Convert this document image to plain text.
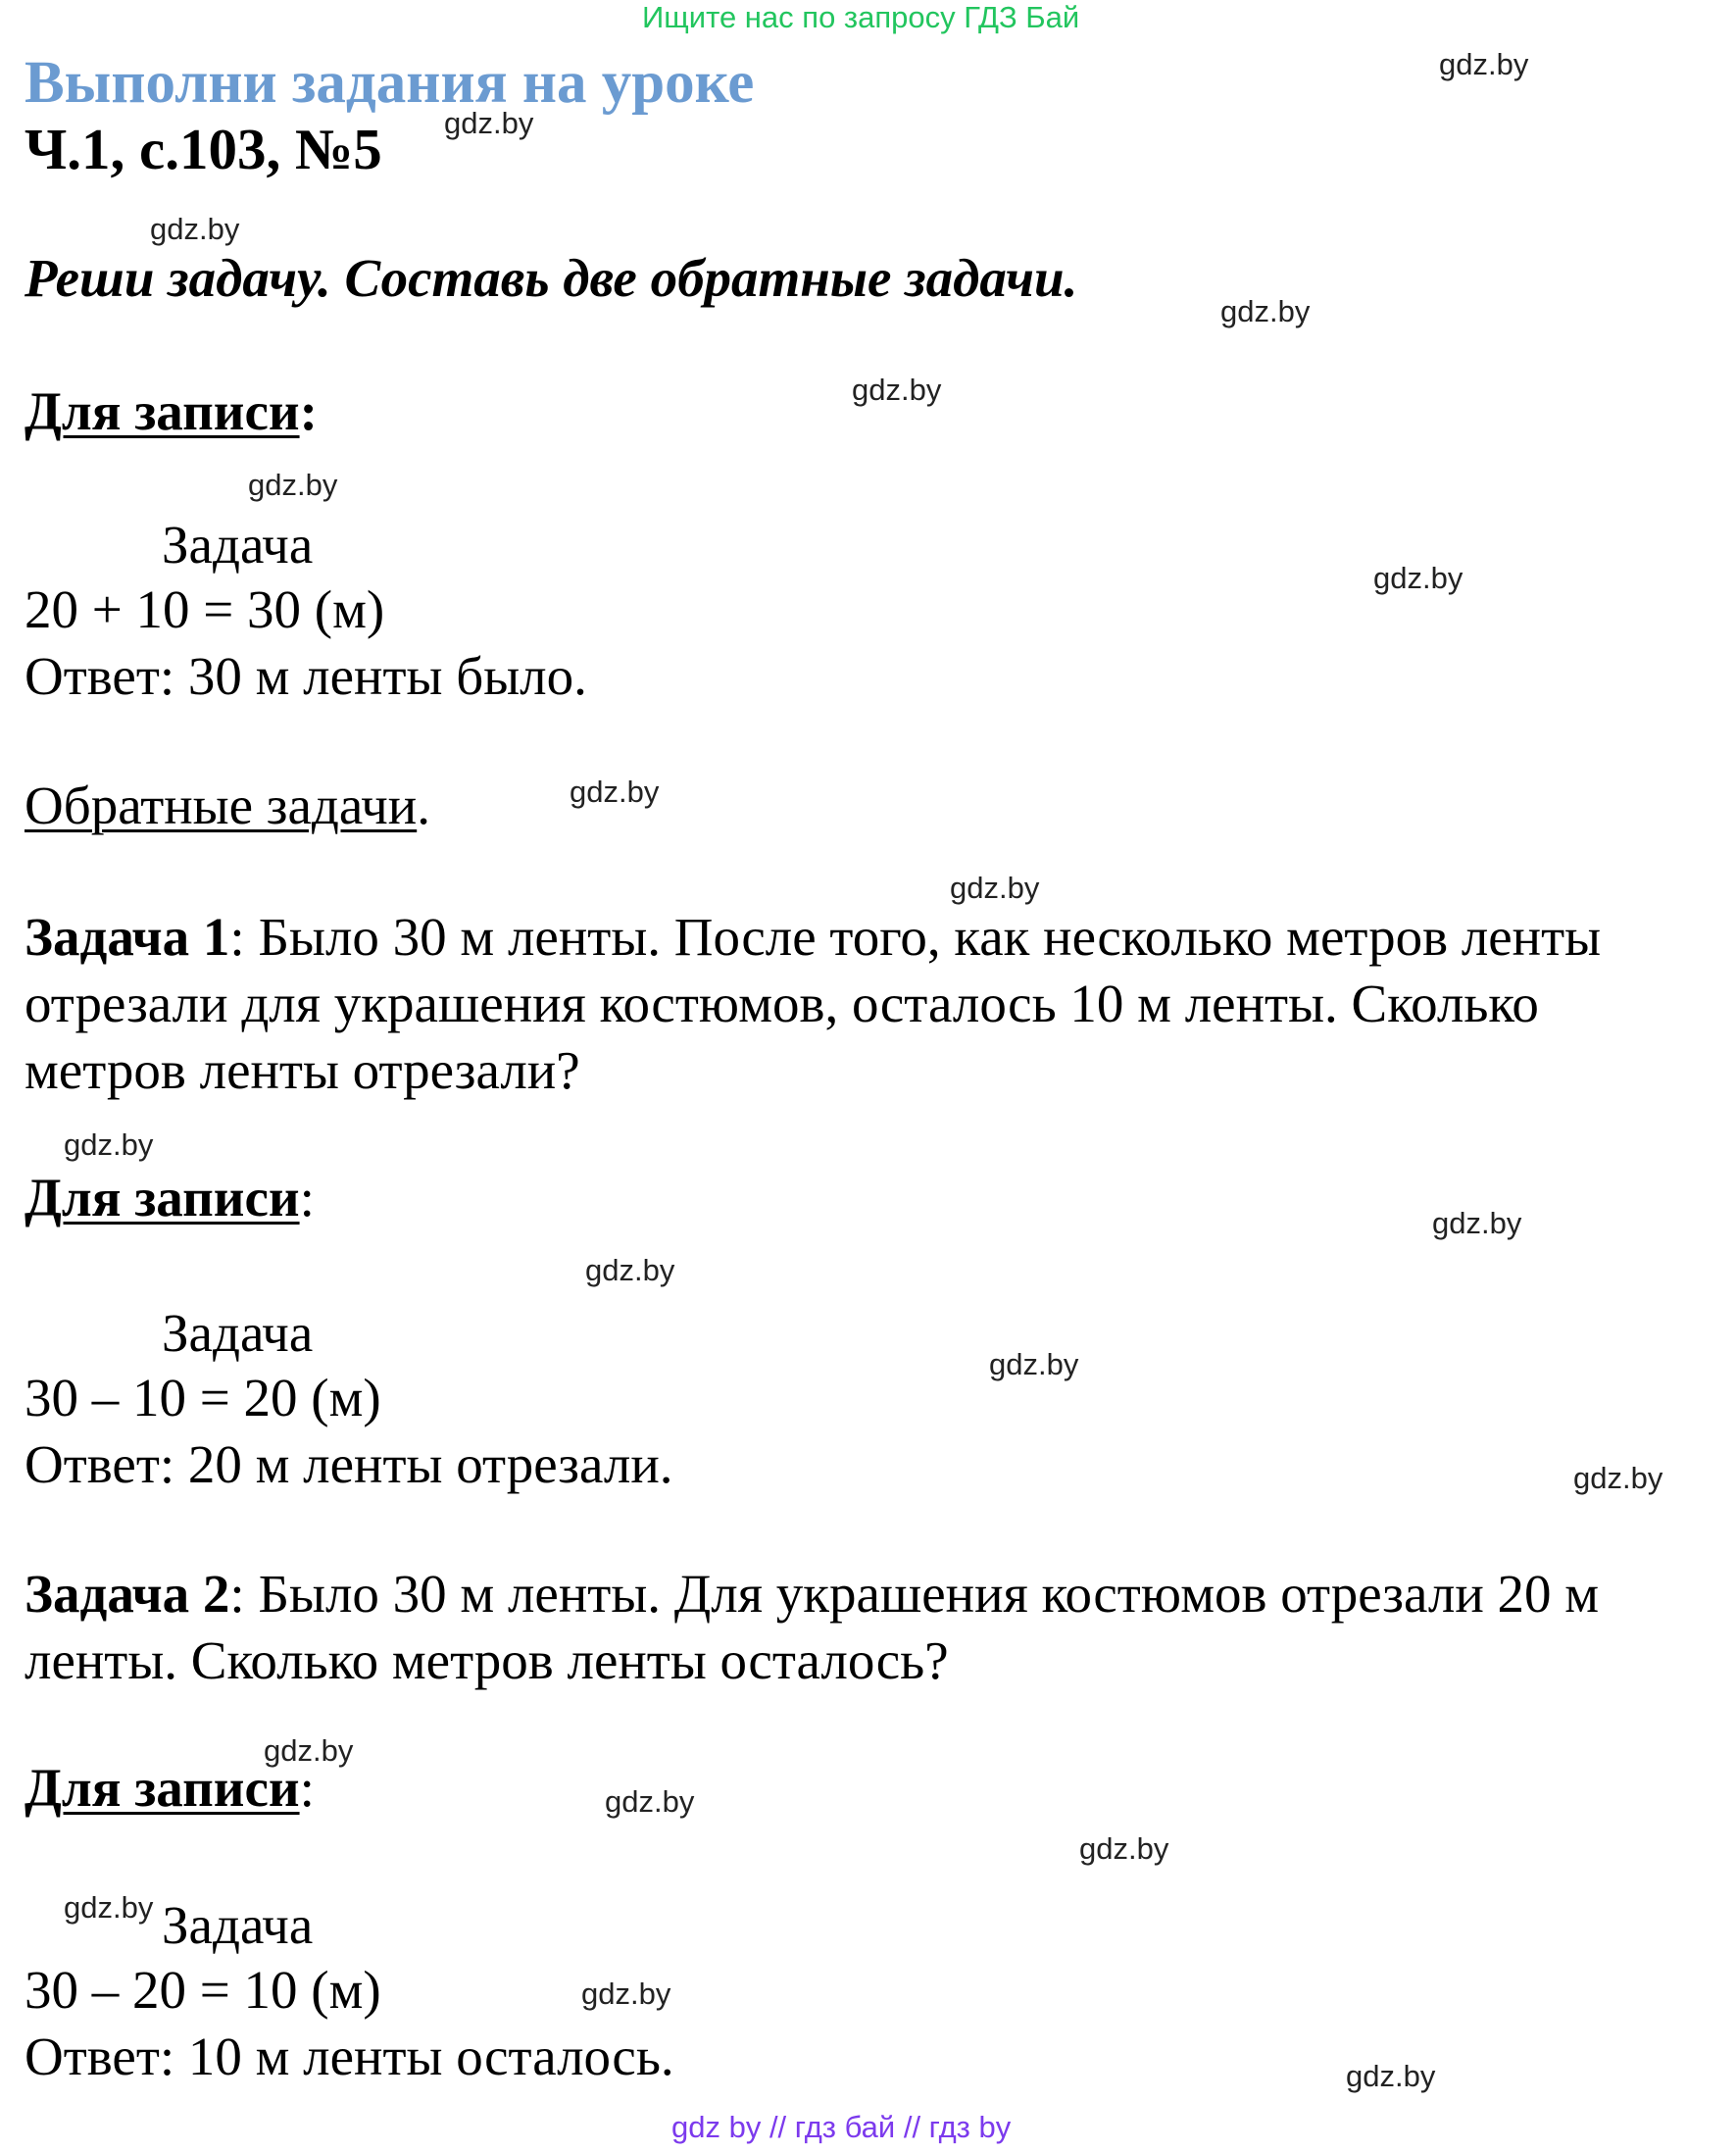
Ищите нас по запросу ГДЗ Бай
Выполни задания на уроке
Ч.1, с.103, №5
Реши задачу. Составь две обратные задачи.
Для записи:
Задача
20 + 10 = 30 (м)
Ответ: 30 м ленты было.
Обратные задачи.
Задача 1: Было 30 м ленты. После того, как несколько метров ленты отрезали для украшения костюмов, осталось 10 м ленты. Сколько метров ленты отрезали?
Для записи:
Задача
30 – 10 = 20 (м)
Ответ: 20 м ленты отрезали.
Задача 2: Было 30 м ленты. Для украшения костюмов отрезали 20 м ленты. Сколько метров ленты осталось?
Для записи:
Задача
30 – 20 = 10 (м)
Ответ: 10 м ленты осталось.
gdz.by
gdz.by
gdz.by
gdz.by
gdz.by
gdz.by
gdz.by
gdz.by
gdz.by
gdz.by
gdz.by
gdz.by
gdz.by
gdz.by
gdz.by
gdz.by
gdz.by
gdz.by
gdz.by
gdz.by
gdz by // гдз бай // гдз by
